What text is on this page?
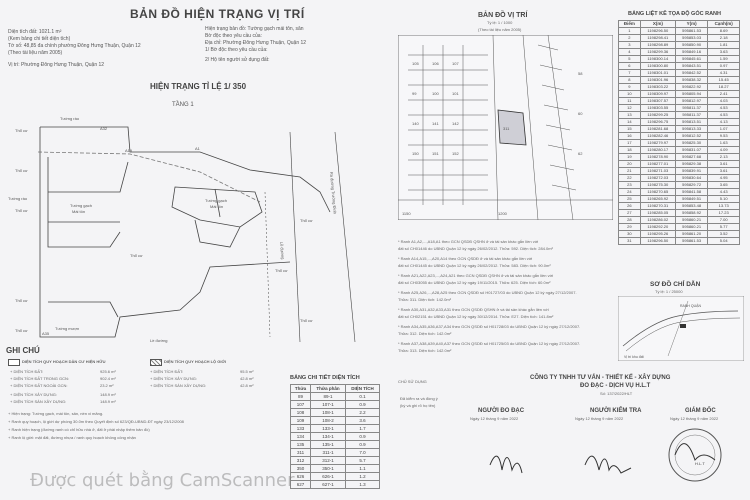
BẢN ĐỒ HIỆN TRẠNG VỊ TRÍ
Diện tích đất: 1021.1 m²
(Kem bảng chi tiết diện tích)
Tờ số: 48,85 đa chính phường Đông Hưng Thuận, Quận 12
(Theo tài liệu năm 2005)
Vị trí: Phường Đông Hưng Thuận, Quận 12
Hiện trạng bản đồ: Tường gạch mái tôn, sân
Bờ độc theo yêu cầu của:
Địa chỉ: Phường Đông Hưng Thuận, Quận 12
1/ Bờ độc theo yêu cầu của:
2/ Hộ tên người sử dụng đất:
HIỆN TRẠNG TỈ LỆ 1/ 350
TẦNG 1
Tường rào
Thổ cư
Thổ cư
Thổ cư
Tường rào
Tường gạch
Mái tôn
Tường gạch
Mái tôn
Thổ cư
Thổ cư	Tường mượn
Thổ cư
Lề đường
Thổ cư
Thổ cư
Thổ cư
A32
A19	A1
A35
Ra đường Trường Đình
Lề đường
GHI CHÚ
DIỆN TÍCH QUY HOẠCH DÂN CƯ HIỆN HỮU	DIỆN TÍCH QUY HOẠCH LỘ GIỚI
+ DIỆN TÍCH ĐẤT:	925.6 m²
+ DIỆN TÍCH ĐẤT TRONG GCN:	902.4 m²
+ DIỆN TÍCH ĐẤT NGOÀI GCN:	23.2 m²
+ DIỆN TÍCH XÂY DỰNG:	148.9 m²
+ DIỆN TÍCH SÀN XÂY DỰNG:	148.9 m²
+ DIỆN TÍCH ĐẤT:	95.5 m²
+ DIỆN TÍCH XÂY DỰNG:	42.8 m²
+ DIỆN TÍCH SÀN XÂY DỰNG:	42.8 m²
+ Hiện trạng: Tường gạch, mái tôn, sân, nền xi măng.
+ Ranh quy hoạch, lộ giới dự phòng 30.0m theo Quyết định số 623/QĐ-UBND-ĐT ngày 23/12/2008
+ Ranh hiện trạng (đường ranh có chỉ hữu nhà ở, đất ở phải nhập thêm bản đồ)
+ Ranh lộ giới: mặt đất, đường nhựa / ranh quy hoạch không công nhận
BẢNG CHI TIẾT DIỆN TÍCH
Thửa	Thửa phân	DIỆN TÍCH
89	89-1	0.1
107	107-1	0.9
108	108-1	2.2
109	108-2	3.6
133	133-1	1.7
134	134-1	0.9
135	135-1	0.9
311	311-1	7.0
312	312-1	5.7
350	350-1	1.1
626	626-1	1.2
627	627-1	1.3
BẢN ĐỒ VỊ TRÍ
Tỷ lệ: 1 / 1000
(Theo tài liệu năm 2005)
105	106	107
99	100	101
140	141	142
150	151	152
311
58
60
62
1150	1200
* Ranh A1,A2,...,A18,A1 theo GCN QSDĐ QSHN ở và tài sản khác gắn liền với
đất số CH01446 do UBND Quận 12 ký ngày 26/02/2012. Thửa: 592. Diện tích: 284.0m²
* Ranh A14,A15,...,A20,A14 theo GCN QSDĐ ở và tài sản khác gắn liền với
đất số CH01445 do UBND Quận 12 ký ngày 26/02/2012. Thửa: 583. Diện tích: 90.0m²
* Ranh A21,A22,A23,...,A24,A21 theo GCN QSDĐ QSHN ở và tài sản khác gắn liền với
đất số CH03055 do UBND Quận 12 ký ngày 19/11/2015. Thửa: 625. Diện tích: 60.0m²
* Ranh A25,A26,...,A28,A25 theo GCN QSDĐ số H01727/03 do UBND Quận 12 ký ngày 27/12/2007.
Thửa: 311. Diện tích: 142.0m²
* Ranh A30,A31,A32,A33,A31 theo GCN QSDĐ QSHN ở và tài sản khác gắn liền với
đất số CH02151 do UBND Quận 12 ký ngày 30/12/2014. Thửa: E27. Diện tích: 141.8m²
* Ranh A34,A35,A36,A37,A34 theo GCN QSDĐ số H01728/03 do UBND Quận 12 ký ngày 27/12/2007.
Thửa: 312. Diện tích: 142.0m²
* Ranh A37,A38,A39,A40,A37 theo GCN QSDĐ số H01725/03 do UBND Quận 12 ký ngày 27/12/2007.
Thửa: 313. Diện tích: 142.0m²
BẢNG LIỆT KÊ TỌA ĐỘ GÓC RANH
Điểm	X(m)	Y(m)	Cạnh(m)
1	1198296.50	595861.53	8.69
2	1198298.41	595853.03	2.18
3	1198298.89	595850.90	1.81
4	1198299.36	595849.16	3.63
5	1198300.14	595845.61	1.59
6	1198300.80	595843.51	0.97
7	1198301.01	595842.52	4.31
8	1198301.96	595838.32	15.45
9	1198303.22	595822.92	18.27
10	1198309.97	595805.94	2.41
11	1198307.57	595812.97	4.03
12	1198303.55	595811.37	4.53
13	1198299.25	595811.37	4.53
14	1198296.75	595813.51	4.13
15	1198281.68	595813.33	1.07
16	1198282.46	595812.52	9.53
17	1198279.97	595825.30	1.63
18	1198280.17	595831.07	4.09
19	1198278.90	595827.68	2.13
20	1198277.01	595829.38	3.61
21	1198271.03	595839.91	3.61
22	1198272.03	595830.64	4.95
23	1198275.30	595829.72	3.65
24	1198270.65	595841.58	4.43
25	1198265.92	595849.51	5.10
26	1198270.31	595853.48	13.73
27	1198285.05	595858.92	17.23
28	1198286.02	595860.21	7.00
29	1198292.20	595860.21	5.77
30	1198295.26	595861.20	3.52
31	1198296.50	595861.53	5.04
SƠ ĐỒ CHỈ DẪN
Tỷ lệ: 1 / 25000
RANH QUẬN
Vị trí khu đất
CHỦ SỬ DỤNG
CÔNG TY TNHH TƯ VẤN - THIẾT KẾ - XÂY DỰNG
ĐO ĐẠC - DỊCH VỤ H.L.T
Đã kiểm ra và đồng ý
(ký và ghi rõ họ tên)
Số: 137/2022/HLT
NGƯỜI ĐO ĐẠC	NGƯỜI KIỂM TRA	GIÁM ĐỐC
Ngày 12 tháng 9 năm 2022	Ngày 12 tháng 9 năm 2022	Ngày 12 tháng 9 năm 2022
H.L.T
Được quét bằng CamScanner
